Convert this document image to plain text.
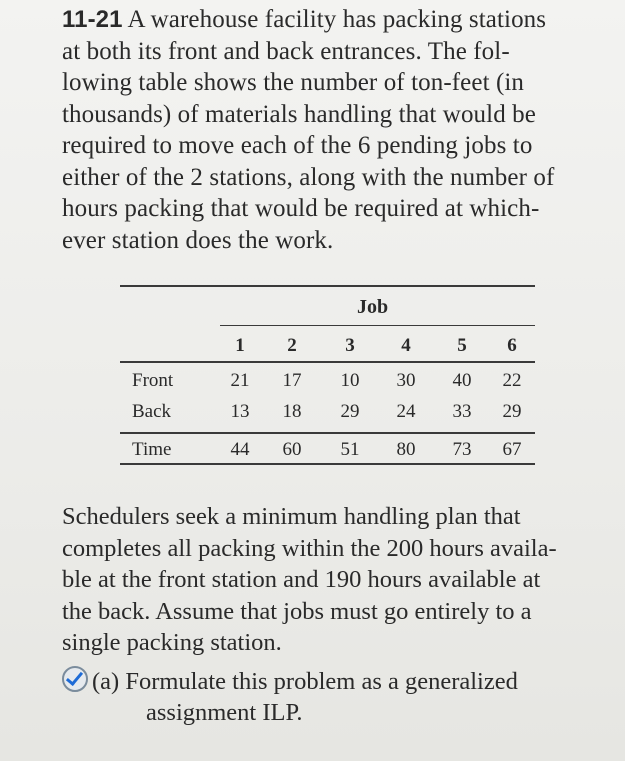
11-21 A warehouse facility has packing stations
at both its front and back entrances. The fol-
lowing table shows the number of ton-feet (in
thousands) of materials handling that would be
required to move each of the 6 pending jobs to
either of the 2 stations, along with the number of
hours packing that would be required at which-
ever station does the work.
Job
1	2	3	4	5	6
Front	21	17	10	30	40	22
Back	13	18	29	24	33	29
Time	44	60	51	80	73	67
Schedulers seek a minimum handling plan that
completes all packing within the 200 hours availa-
ble at the front station and 190 hours available at
the back. Assume that jobs must go entirely to a
single packing station.
(a) Formulate this problem as a generalized
assignment ILP.
